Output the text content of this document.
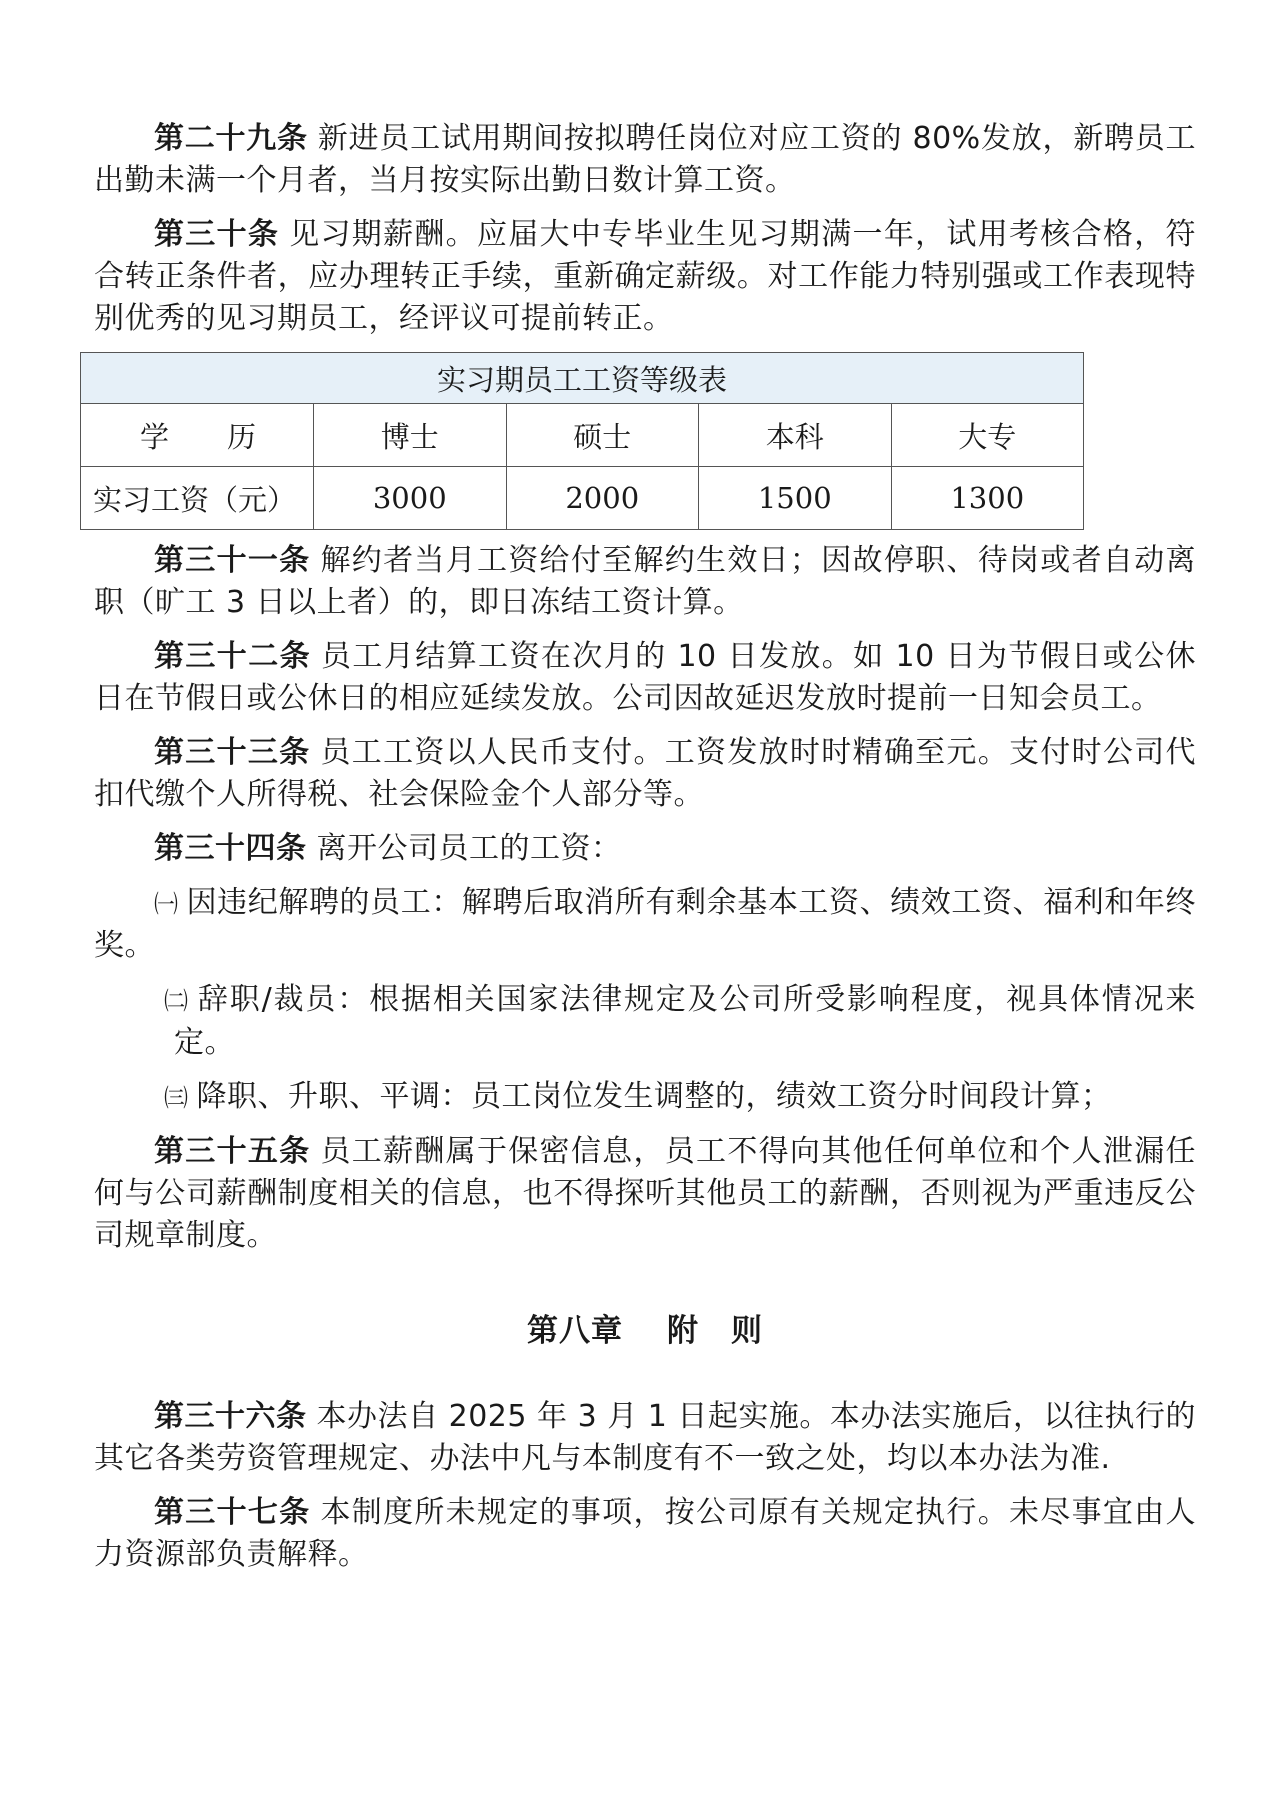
第二十九条 新进员工试用期间按拟聘任岗位对应工资的 80%发放，新聘员工出勤未满一个月者，当月按实际出勤日数计算工资。

第三十条 见习期薪酬。应届大中专毕业生见习期满一年，试用考核合格，符合转正条件者，应办理转正手续，重新确定薪级。对工作能力特别强或工作表现特别优秀的见习期员工，经评议可提前转正。

实习期员工工资等级表				
学　　历	博士	硕士	本科	大专
实习工资（元）	3000	2000	1500	1300

第三十一条 解约者当月工资给付至解约生效日；因故停职、待岗或者自动离职（旷工 3 日以上者）的，即日冻结工资计算。

第三十二条 员工月结算工资在次月的 10 日发放。如 10 日为节假日或公休日在节假日或公休日的相应延续发放。公司因故延迟发放时提前一日知会员工。

第三十三条 员工工资以人民币支付。工资发放时时精确至元。支付时公司代扣代缴个人所得税、社会保险金个人部分等。

第三十四条 离开公司员工的工资：

㈠ 因违纪解聘的员工：解聘后取消所有剩余基本工资、绩效工资、福利和年终奖。

㈡ 辞职/裁员：根据相关国家法律规定及公司所受影响程度，视具体情况来定。

㈢ 降职、升职、平调：员工岗位发生调整的，绩效工资分时间段计算；

第三十五条 员工薪酬属于保密信息，员工不得向其他任何单位和个人泄漏任何与公司薪酬制度相关的信息，也不得探听其他员工的薪酬，否则视为严重违反公司规章制度。

第八章 附　则

第三十六条 本办法自 2025 年 3 月 1 日起实施。本办法实施后，以往执行的其它各类劳资管理规定、办法中凡与本制度有不一致之处，均以本办法为准.

第三十七条 本制度所未规定的事项，按公司原有关规定执行。未尽事宜由人力资源部负责解释。
